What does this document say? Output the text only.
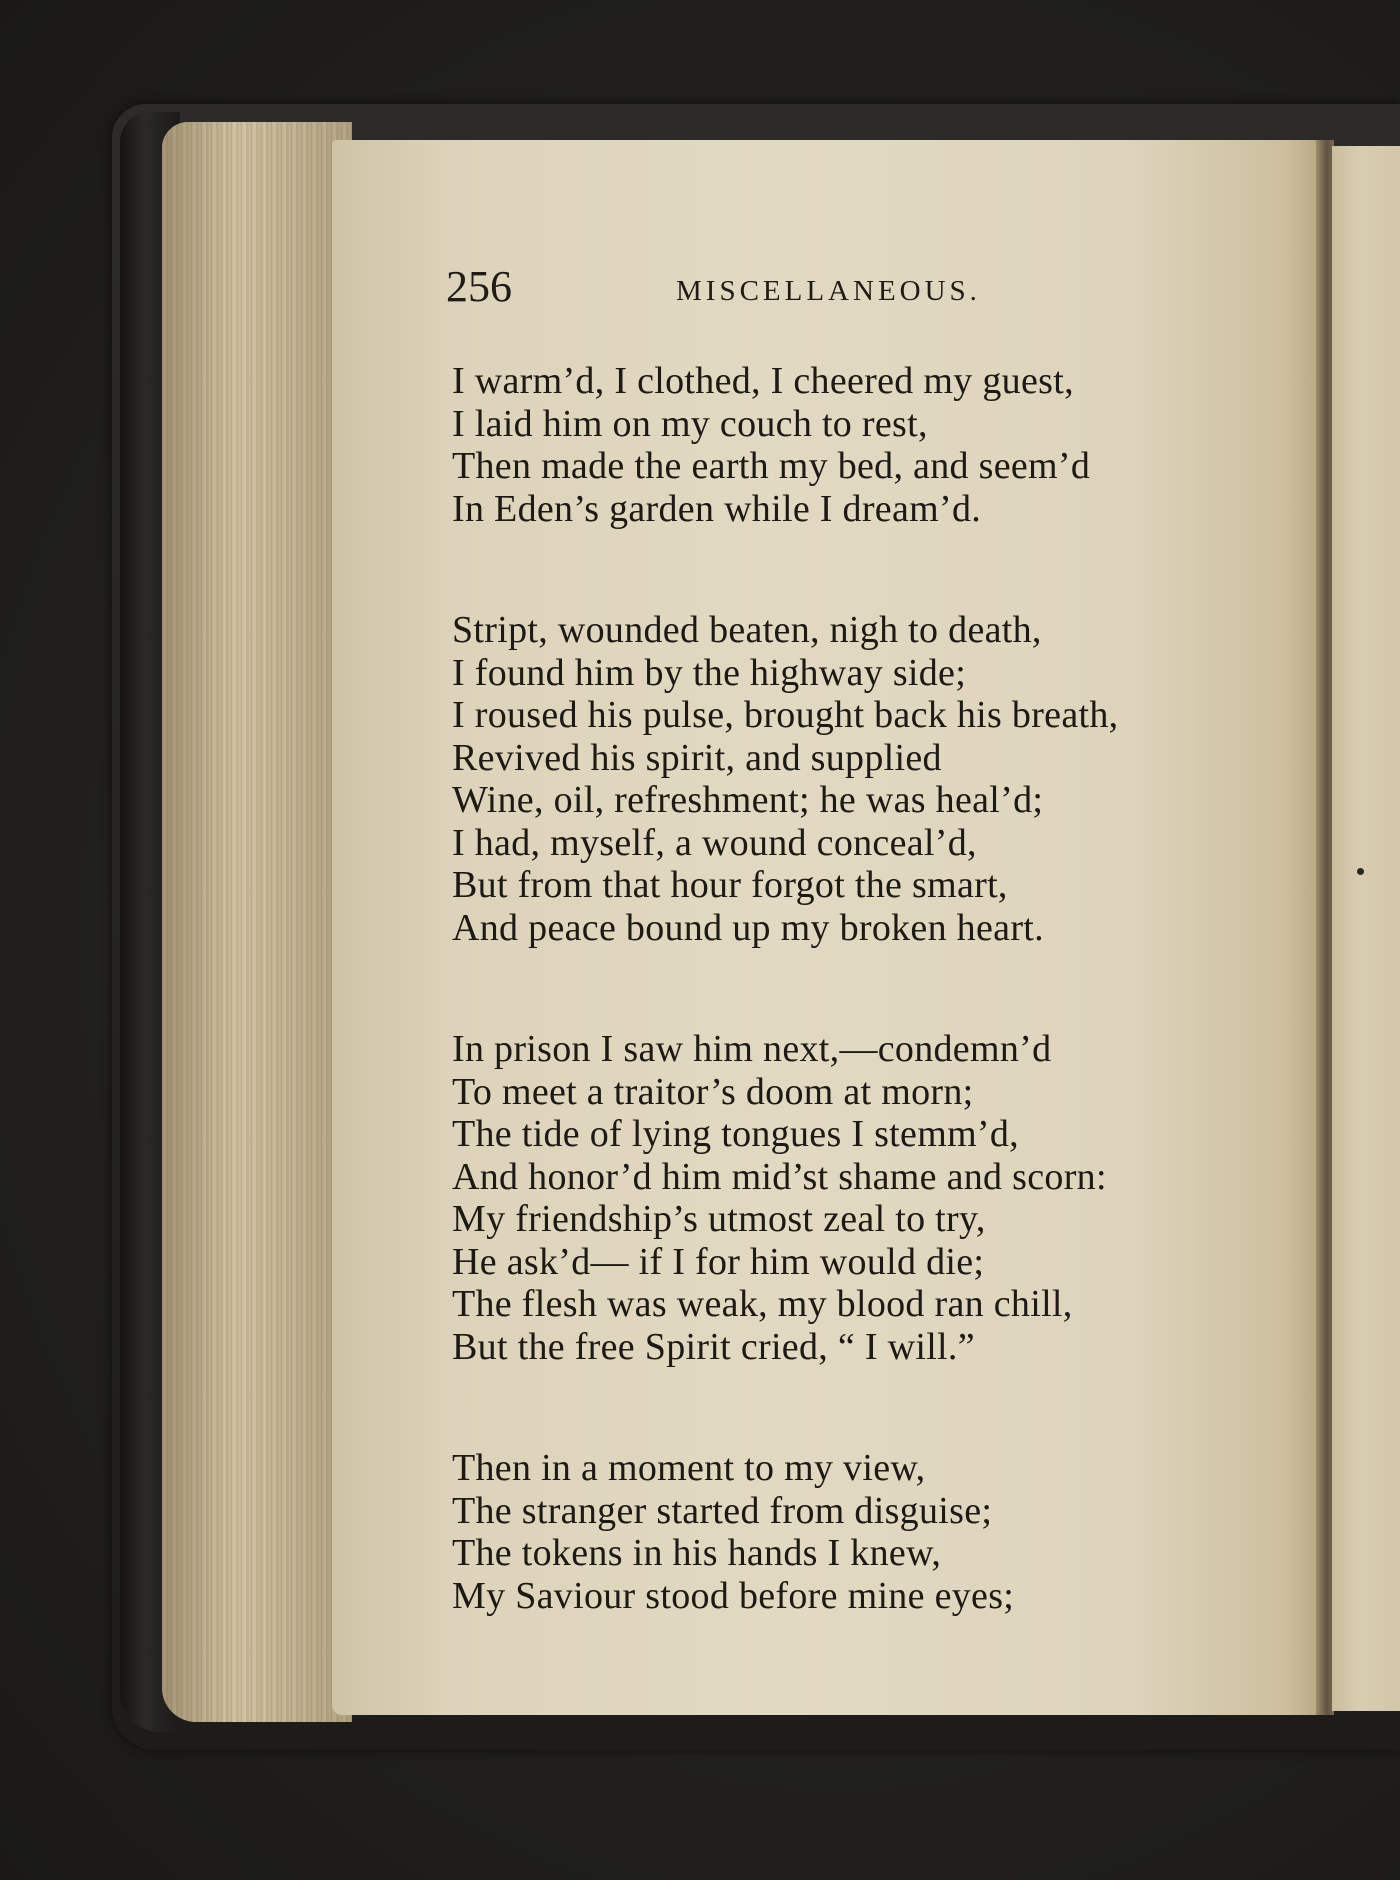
256	MISCELLANEOUS.
I warm’d, I clothed, I cheered my guest,
I laid him on my couch to rest,
Then made the earth my bed, and seem’d
In Eden’s garden while I dream’d.
Stript, wounded beaten, nigh to death,
I found him by the highway side;
I roused his pulse, brought back his breath,
Revived his spirit, and supplied
Wine, oil, refreshment; he was heal’d;
I had, myself, a wound conceal’d,
But from that hour forgot the smart,
And peace bound up my broken heart.
In prison I saw him next,—condemn’d
To meet a traitor’s doom at morn;
The tide of lying tongues I stemm’d,
And honor’d him mid’st shame and scorn:
My friendship’s utmost zeal to try,
He ask’d— if I for him would die;
The flesh was weak, my blood ran chill,
But the free Spirit cried, “ I will.”
Then in a moment to my view,
The stranger started from disguise;
The tokens in his hands I knew,
My Saviour stood before mine eyes;
